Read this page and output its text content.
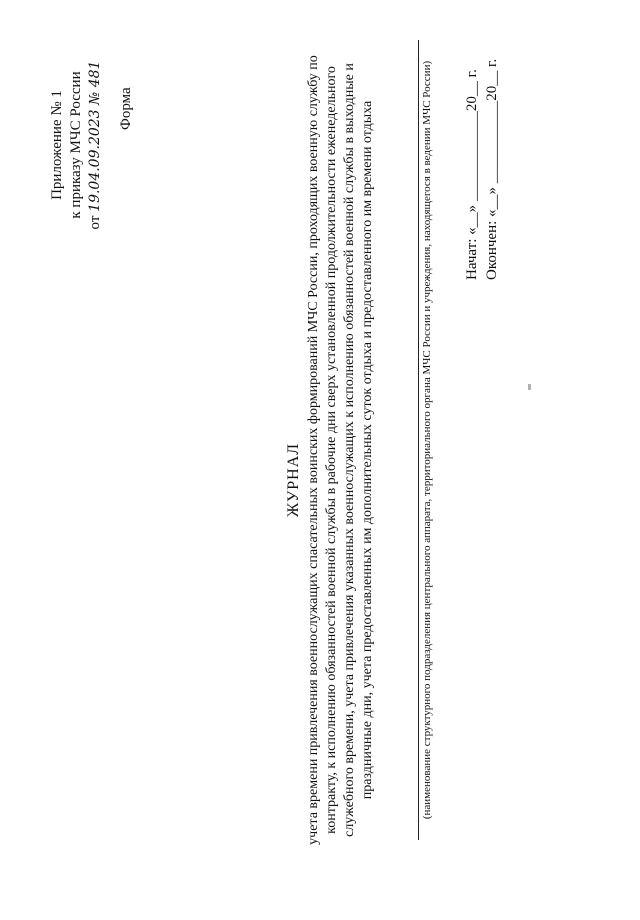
Приложение № 1 к приказу МЧС России
от 19.04.09.2023 № 481 Форма
ЖУРНАЛ учета времени привлечения военнослужащих спасательных воинских формирований МЧС России, проходящих военную службу по контракту, к исполнению обязанностей военной службы в рабочие дни сверх установленной продолжительности еженедельного служебного времени, учета привлечения указанных военнослужащих к исполнению обязанностей военной службы в выходные и праздничные дни, учета предоставленных им дополнительных суток отдыха и предоставленного им времени отдыха	(наименование структурного подразделения центрального аппарата, территориального органа МЧС России и учреждения, находящегося в ведении МЧС России) Начат: «__» ____________20__ г. Окончен: «__» ___________20__ г.
